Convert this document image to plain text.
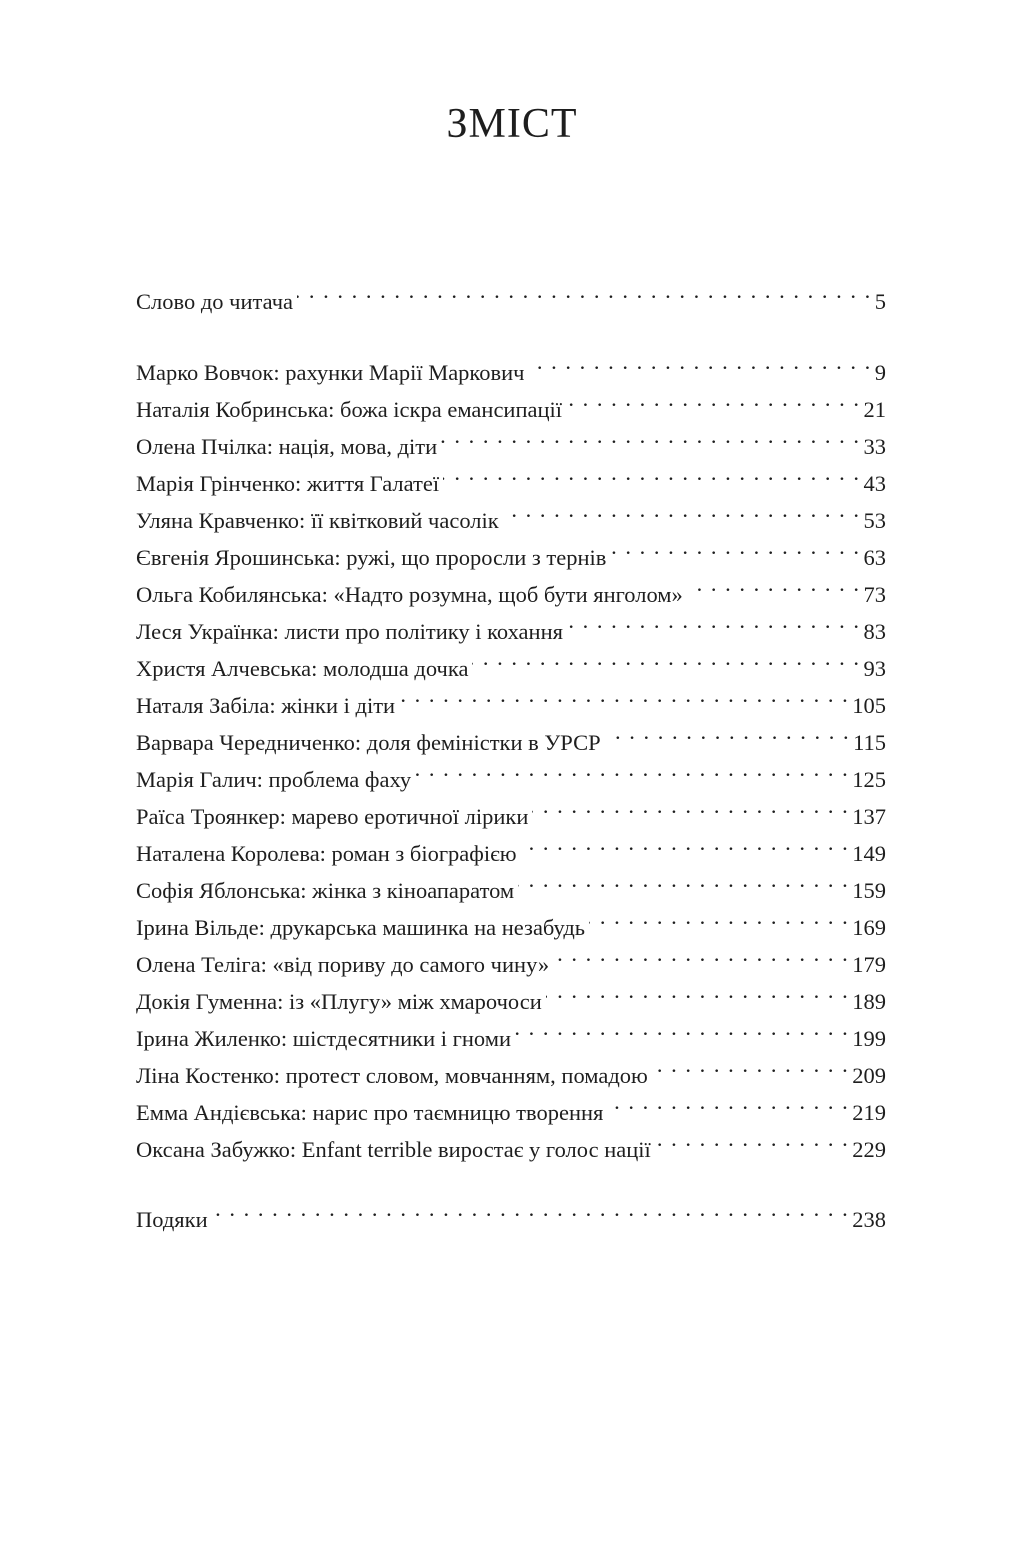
ЗМІСТ
Слово до читача . . .	5
Марко Вовчок: рахунки Марії Маркович . . .	9
Наталія Кобринська: божа іскра емансипації . . .	21
Олена Пчілка: нація, мова, діти . . .	33
Марія Грінченко: життя Галатеї . . .	43
Уляна Кравченко: її квітковий часолік . . .	53
Євгенія Ярошинська: ружі, що проросли з тернів . . .	63
Ольга Кобилянська: «Надто розумна, щоб бути янголом» . . .	73
Леся Українка: листи про політику і кохання . . .	83
Христя Алчевська: молодша дочка . . .	93
Наталя Забіла: жінки і діти . . .	105
Варвара Чередниченко: доля феміністки в УРСР . . .	115
Марія Галич: проблема фаху . . .	125
Раїса Троянкер: марево еротичної лірики . . .	137
Наталена Королева: роман з біографією . . .	149
Софія Яблонська: жінка з кіноапаратом . . .	159
Ірина Вільде: друкарська машинка на незабудь . . .	169
Олена Теліга: «від пориву до самого чину» . . .	179
Докія Гуменна: із «Плугу» між хмарочоси . . .	189
Ірина Жиленко: шістдесятники і гноми . . .	199
Ліна Костенко: протест словом, мовчанням, помадою . . .	209
Емма Андієвська: нарис про таємницю творення . . .	219
Оксана Забужко: Enfant terrible виростає у голос нації . . .	229
Подяки . . .	238
